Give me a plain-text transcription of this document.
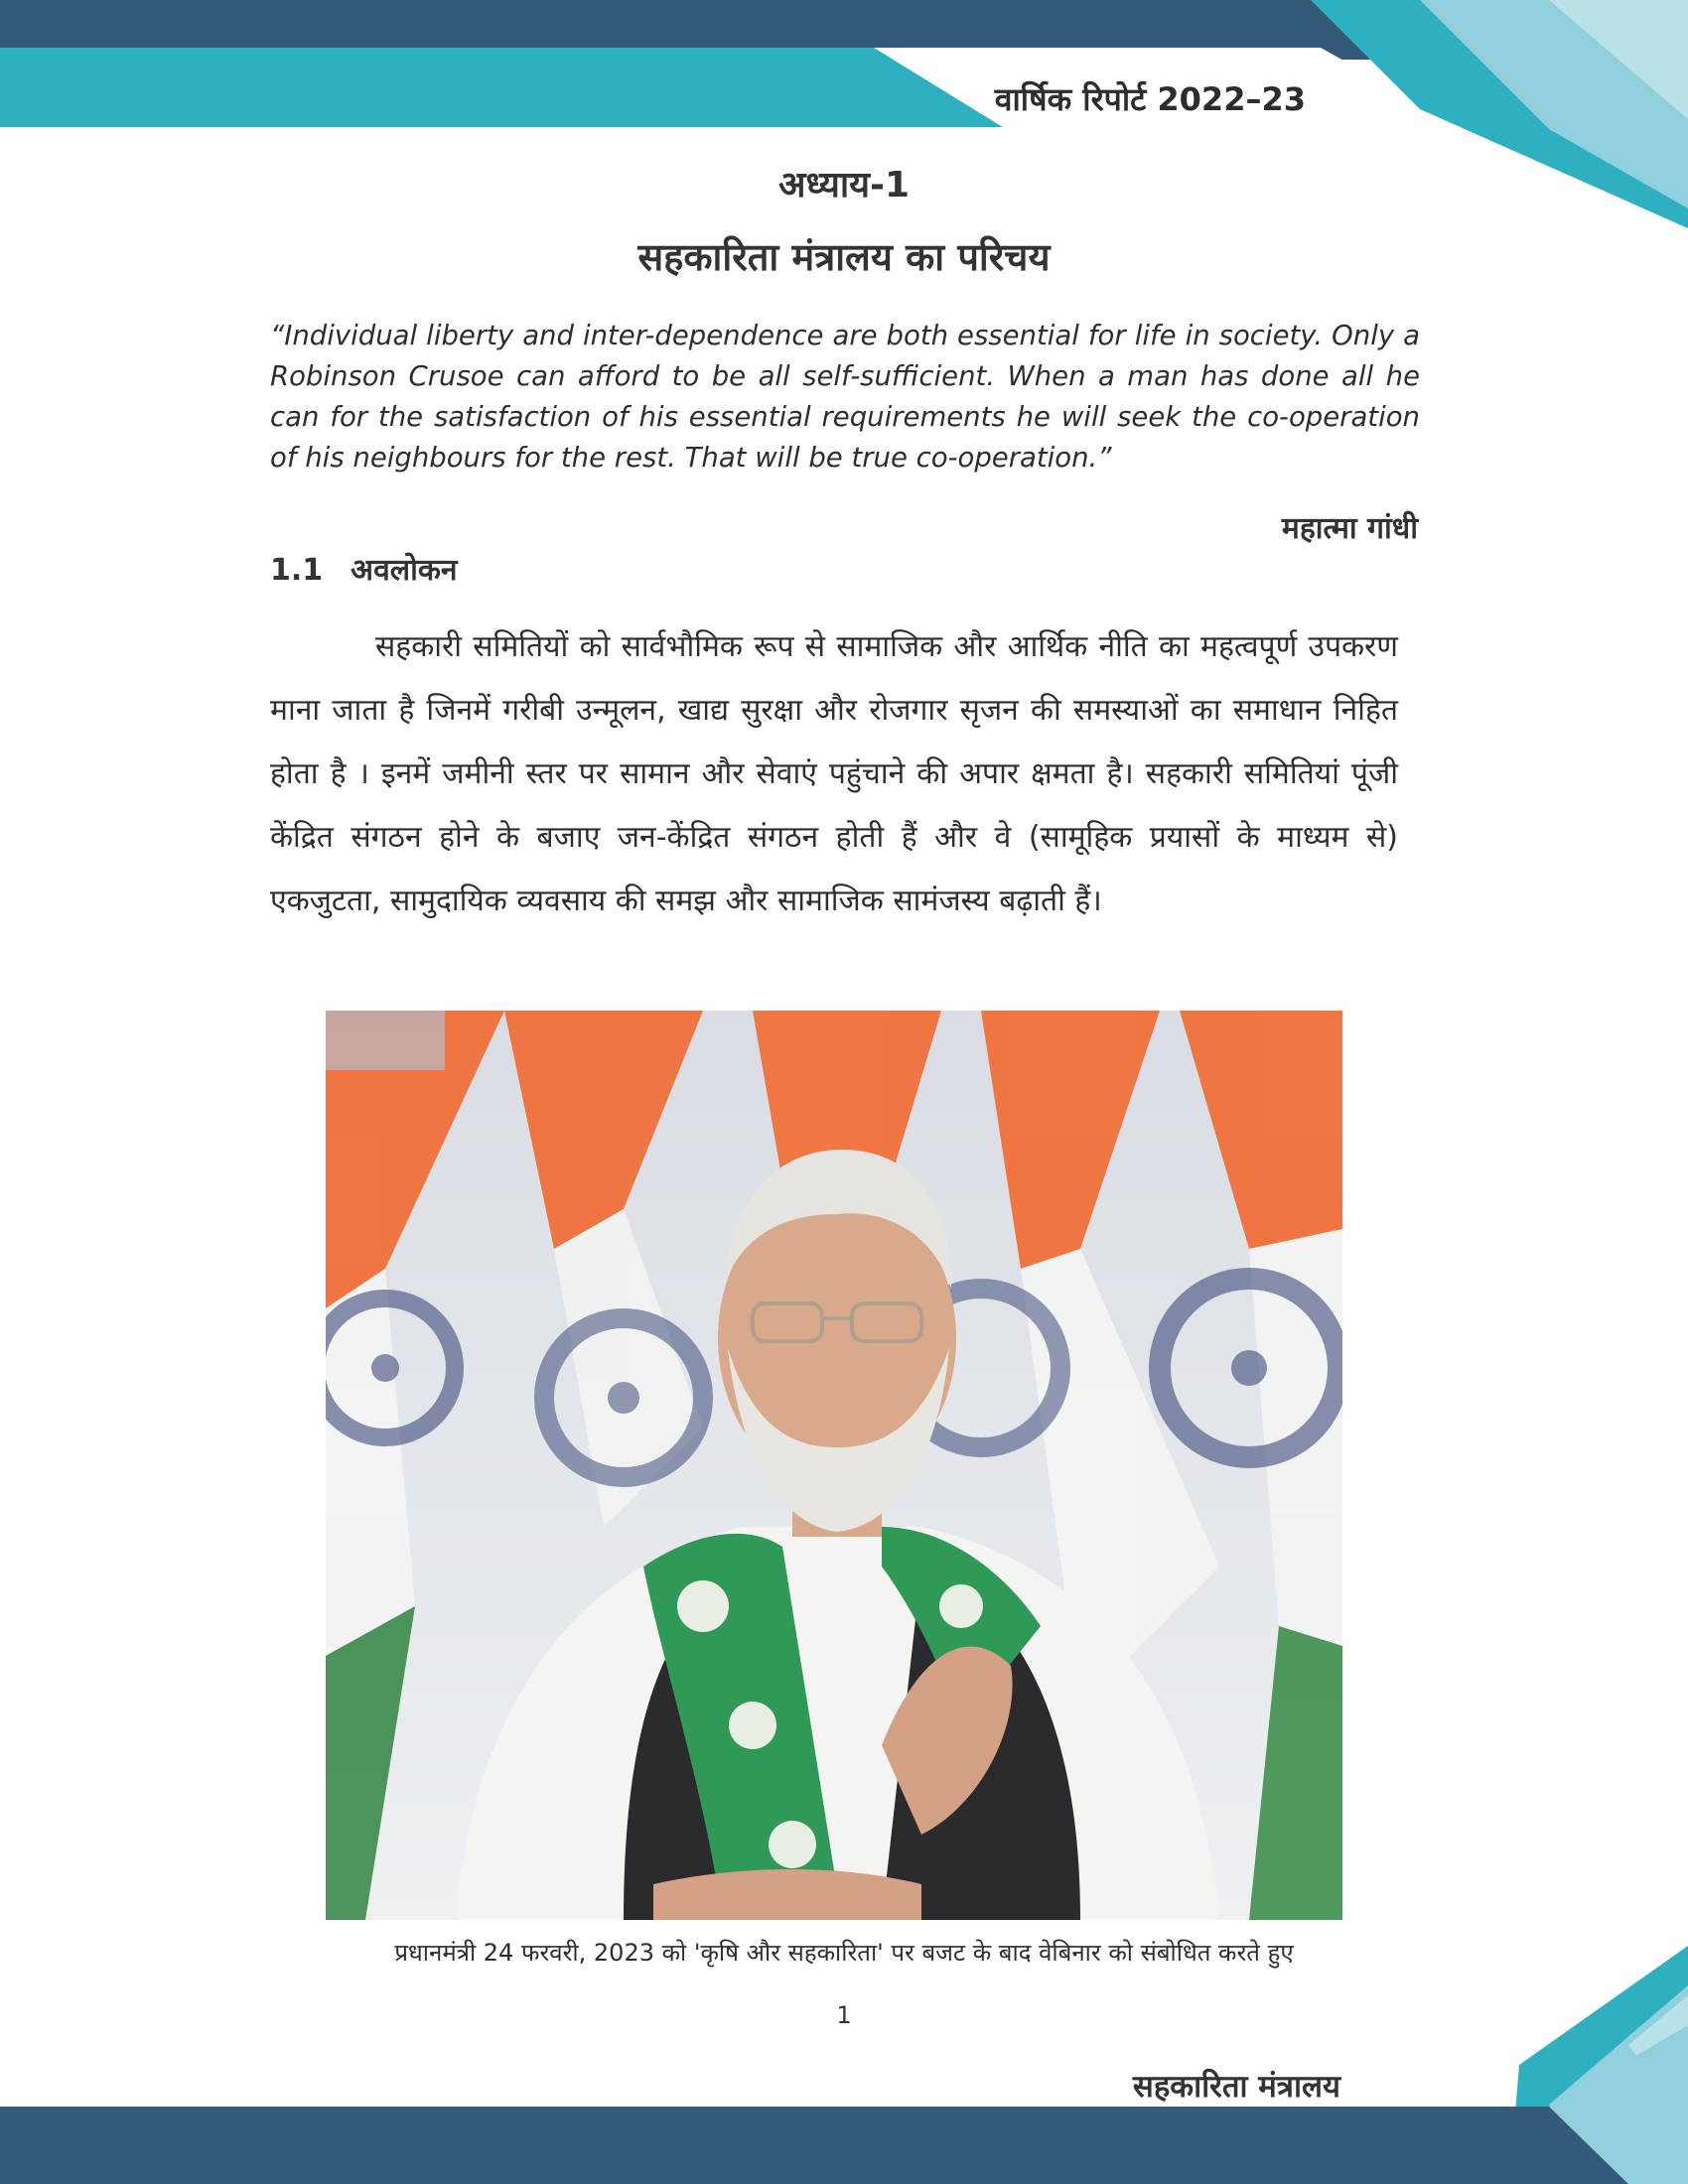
वार्षिक रिपोर्ट 2022–23
अध्याय-1
सहकारिता मंत्रालय का परिचय
“Individual liberty and inter-dependence are both essential for life in society. Only a Robinson Crusoe can afford to be all self-sufficient. When a man has done all he can for the satisfaction of his essential requirements he will seek the co-operation of his neighbours for the rest. That will be true co-operation.”
महात्मा गांधी
1.1 अवलोकन
सहकारी समितियों को सार्वभौमिक रूप से सामाजिक और आर्थिक नीति का महत्वपूर्ण उपकरण माना जाता है जिनमें गरीबी उन्मूलन, खाद्य सुरक्षा और रोजगार सृजन की समस्याओं का समाधान निहित होता है । इनमें जमीनी स्तर पर सामान और सेवाएं पहुंचाने की अपार क्षमता है। सहकारी समितियां पूंजी केंद्रित संगठन होने के बजाए जन-केंद्रित संगठन होती हैं और वे (सामूहिक प्रयासों के माध्यम से) एकजुटता, सामुदायिक व्यवसाय की समझ और सामाजिक सामंजस्य बढ़ाती हैं।
प्रधानमंत्री 24 फरवरी, 2023 को 'कृषि और सहकारिता' पर बजट के बाद वेबिनार को संबोधित करते हुए
1
सहकारिता मंत्रालय
